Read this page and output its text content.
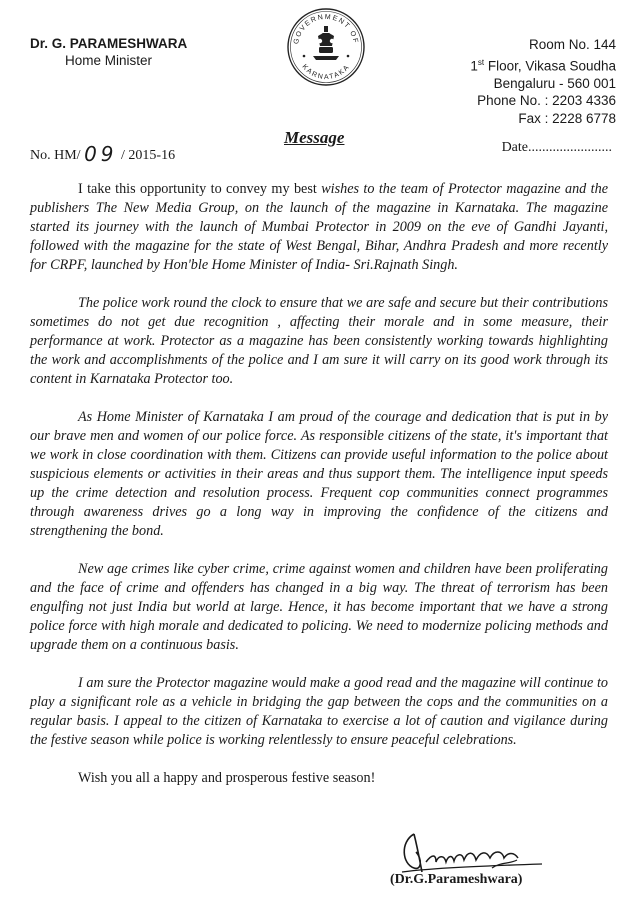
Dr. G. PARAMESHWARA
Home Minister
GOVERNMENT OF
KARNATAKA
Room No. 144
1st Floor, Vikasa Soudha
Bengaluru - 560 001
Phone No. : 2203 4336
Fax : 2228 6778
No. HM/ 09 / 2015-16
Message
Date........................

I take this opportunity to convey my best wishes to the team of Protector magazine and the publishers The New Media Group, on the launch of the magazine in Karnataka. The magazine started its journey with the launch of Mumbai Protector in 2009 on the eve of Gandhi Jayanti, followed with the magazine for the state of West Bengal, Bihar, Andhra Pradesh and more recently for CRPF, launched by Hon'ble Home Minister of India- Sri.Rajnath Singh.

The police work round the clock to ensure that we are safe and secure but their contributions sometimes do not get due recognition , affecting their morale and in some measure, their performance at work. Protector as a magazine has been consistently working towards highlighting the work and accomplishments of the police and I am sure it will carry on its good work through its content in Karnataka Protector too.

As Home Minister of Karnataka I am proud of the courage and dedication that is put in by our brave men and women of our police force. As responsible citizens of the state, it's important that we work in close coordination with them. Citizens can provide useful information to the police about suspicious elements or activities in their areas and thus support them. The intelligence input speeds up the crime detection and resolution process. Frequent cop communities connect programmes through awareness drives go a long way in improving the confidence of the citizens and strengthening the bond.

New age crimes like cyber crime, crime against women and children have been proliferating and the face of crime and offenders has changed in a big way. The threat of terrorism has been engulfing not just India but world at large. Hence, it has become important that we have a strong police force with high morale and dedicated to policing. We need to modernize policing methods and upgrade them on a continuous basis.

I am sure the Protector magazine would make a good read and the magazine will continue to play a significant role as a vehicle in bridging the gap between the cops and the communities on a regular basis. I appeal to the citizen of Karnataka to exercise a lot of caution and vigilance during the festive season while police is working relentlessly to ensure peaceful celebrations.

Wish you all a happy and prosperous festive season!

(Dr.G.Parameshwara)
